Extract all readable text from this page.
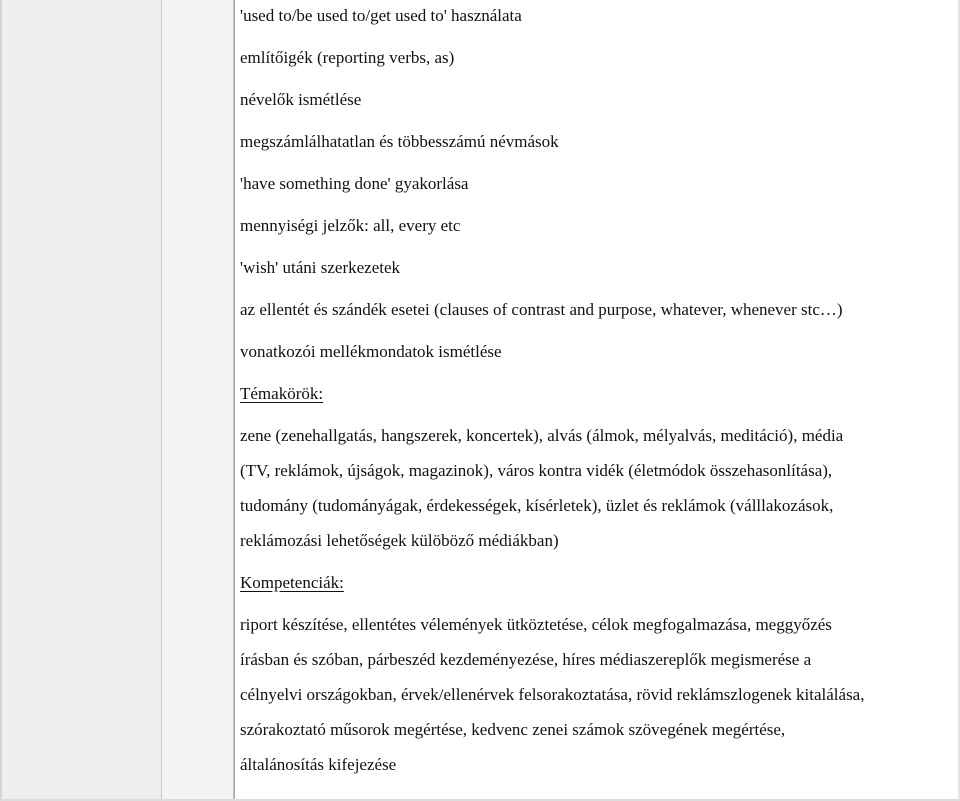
'used to/be used to/get used to' használata
említőigék (reporting verbs, as)
névelők ismétlése
megszámlálhatatlan és többesszámú névmások
'have something done' gyakorlása
mennyiségi jelzők: all, every etc
'wish' utáni szerkezetek
az ellentét és szándék esetei (clauses of contrast and purpose, whatever, whenever stc…)
vonatkozói mellékmondatok ismétlése
Témakörök:
zene (zenehallgatás, hangszerek, koncertek), alvás (álmok, mélyalvás, meditáció), média
(TV, reklámok, újságok, magazinok), város kontra vidék (életmódok összehasonlítása),
tudomány (tudományágak, érdekességek, kísérletek), üzlet és reklámok (válllakozások,
reklámozási lehetőségek külöböző médiákban)
Kompetenciák:
riport készítése, ellentétes vélemények ütköztetése, célok megfogalmazása, meggyőzés
írásban és szóban, párbeszéd kezdeményezése, híres médiaszereplők megismerése a
célnyelvi országokban, érvek/ellenérvek felsorakoztatása, rövid reklámszlogenek kitalálása,
szórakoztató műsorok megértése, kedvenc zenei számok szövegének megértése,
általánosítás kifejezése
